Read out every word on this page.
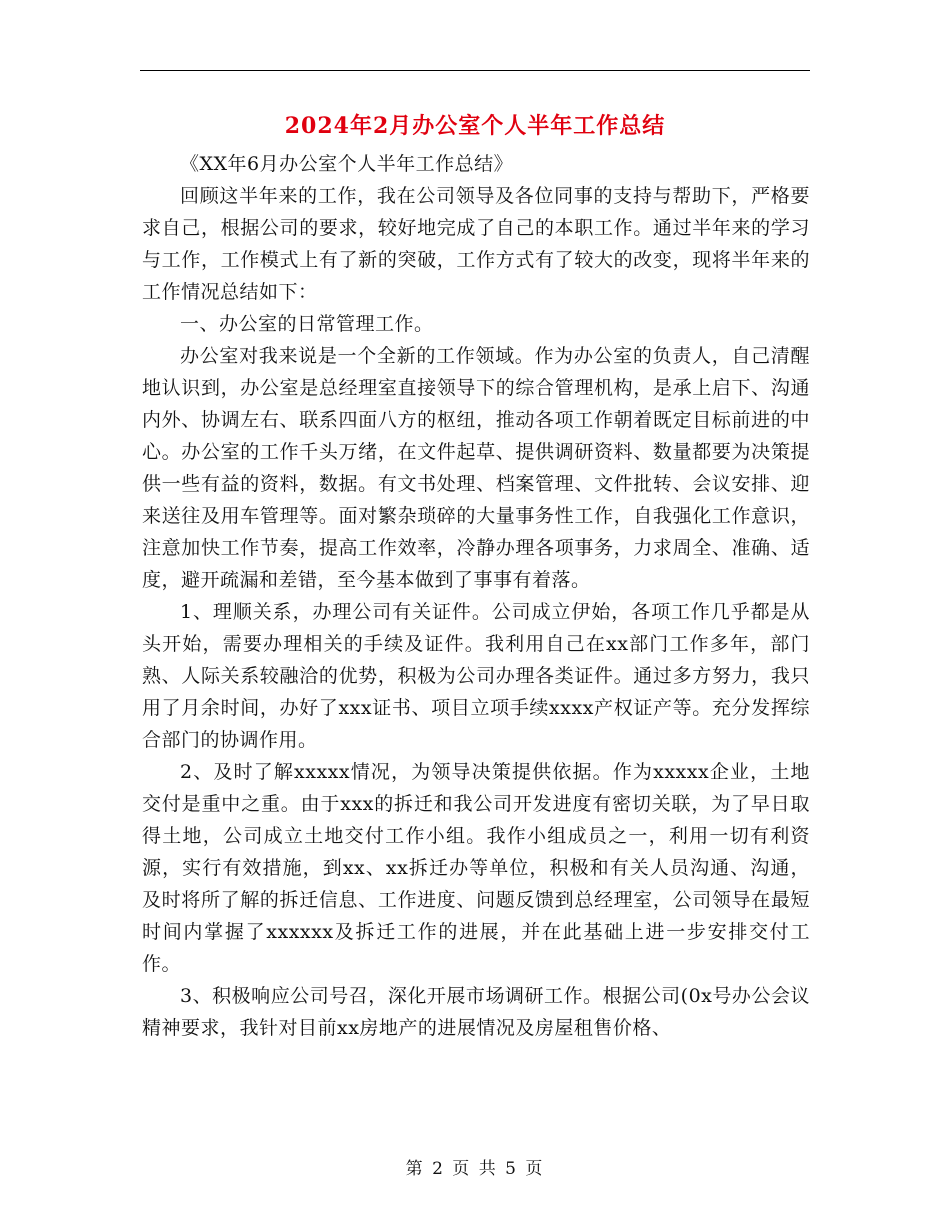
2024年2月办公室个人半年工作总结

《XX年6月办公室个人半年工作总结》

回顾这半年来的工作，我在公司领导及各位同事的支持与帮助下，严格要求自己，根据公司的要求，较好地完成了自己的本职工作。通过半年来的学习与工作，工作模式上有了新的突破，工作方式有了较大的改变，现将半年来的工作情况总结如下：

一、办公室的日常管理工作。

办公室对我来说是一个全新的工作领域。作为办公室的负责人，自己清醒地认识到，办公室是总经理室直接领导下的综合管理机构，是承上启下、沟通内外、协调左右、联系四面八方的枢纽，推动各项工作朝着既定目标前进的中心。办公室的工作千头万绪，在文件起草、提供调研资料、数量都要为决策提供一些有益的资料，数据。有文书处理、档案管理、文件批转、会议安排、迎来送往及用车管理等。面对繁杂琐碎的大量事务性工作，自我强化工作意识，注意加快工作节奏，提高工作效率，冷静办理各项事务，力求周全、准确、适度，避开疏漏和差错，至今基本做到了事事有着落。

1、理顺关系，办理公司有关证件。公司成立伊始，各项工作几乎都是从头开始，需要办理相关的手续及证件。我利用自己在xx部门工作多年，部门熟、人际关系较融洽的优势，积极为公司办理各类证件。通过多方努力，我只用了月余时间，办好了xxx证书、项目立项手续xxxx产权证产等。充分发挥综合部门的协调作用。

2、及时了解xxxxx情况，为领导决策提供依据。作为xxxxx企业，土地交付是重中之重。由于xxx的拆迁和我公司开发进度有密切关联，为了早日取得土地，公司成立土地交付工作小组。我作小组成员之一，利用一切有利资源，实行有效措施，到xx、xx拆迁办等单位，积极和有关人员沟通、沟通，及时将所了解的拆迁信息、工作进度、问题反馈到总经理室，公司领导在最短时间内掌握了xxxxxx及拆迁工作的进展，并在此基础上进一步安排交付工作。

3、积极响应公司号召，深化开展市场调研工作。根据公司(0x号办公会议精神要求，我针对目前xx房地产的进展情况及房屋租售价格、

第 2 页 共 5 页
